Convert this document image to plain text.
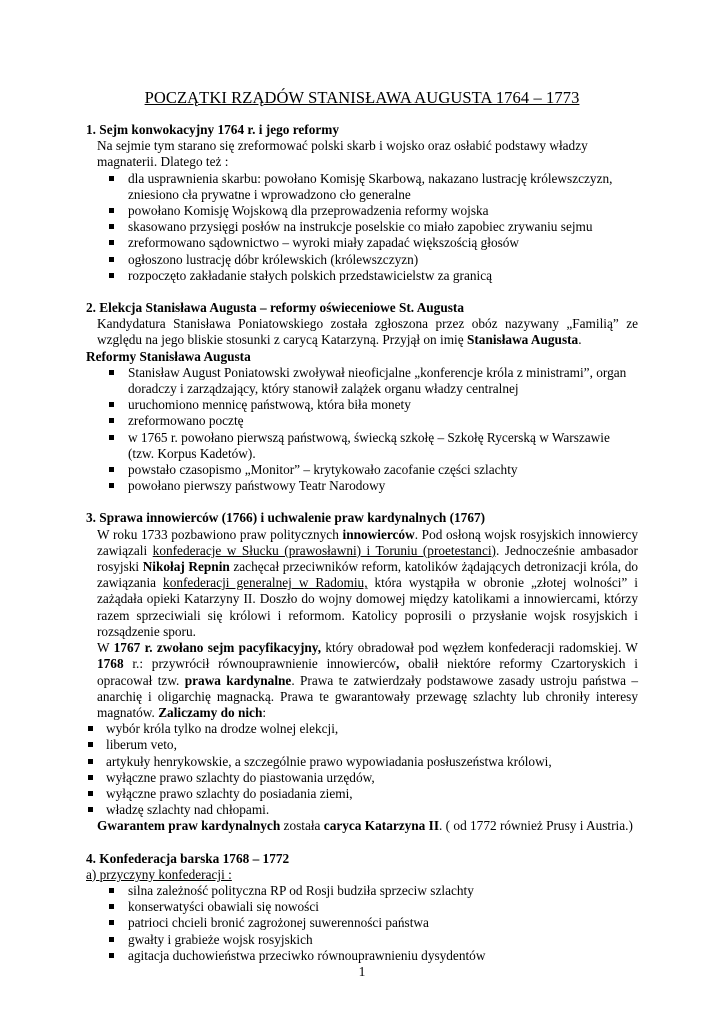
POCZĄTKI RZĄDÓW STANISŁAWA AUGUSTA 1764 – 1773
1. Sejm konwokacyjny 1764 r. i jego reformy
Na sejmie tym starano się zreformować polski skarb i wojsko oraz osłabić podstawy władzy magnaterii. Dlatego też :
dla usprawnienia skarbu: powołano Komisję Skarbową, nakazano lustrację królewszczyzn, zniesiono cła prywatne i wprowadzono cło generalne
powołano Komisję Wojskową dla przeprowadzenia reformy wojska
skasowano przysięgi posłów na instrukcje poselskie co miało zapobiec zrywaniu sejmu
zreformowano sądownictwo – wyroki miały zapadać większością głosów
ogłoszono lustrację dóbr królewskich (królewszczyzn)
rozpoczęto zakładanie stałych polskich przedstawicielstw za granicą
2. Elekcja Stanisława Augusta – reformy oświeceniowe St. Augusta
Kandydatura Stanisława Poniatowskiego została zgłoszona przez obóz nazywany „Familią” ze względu na jego bliskie stosunki z carycą Katarzyną. Przyjął on imię Stanisława Augusta.
Reformy Stanisława Augusta
Stanisław August Poniatowski zwoływał nieoficjalne „konferencje króla z ministrami”, organ doradczy i zarządzający, który stanowił zalążek organu władzy centralnej
uruchomiono mennicę państwową, która biła monety
zreformowano pocztę
w 1765 r. powołano pierwszą państwową, świecką szkołę – Szkołę Rycerską w Warszawie (tzw. Korpus Kadetów).
powstało czasopismo „Monitor” – krytykowało zacofanie części szlachty
powołano pierwszy państwowy Teatr Narodowy
3. Sprawa innowierców (1766) i uchwalenie praw kardynalnych (1767)
W roku 1733 pozbawiono praw politycznych innowierców. Pod osłoną wojsk rosyjskich innowiercy zawiązali konfederacje w Słucku (prawosławni) i Toruniu (proetestanci). Jednocześnie ambasador rosyjski Nikołaj Repnin zachęcał przeciwników reform, katolików żądających detronizacji króla, do zawiązania konfederacji generalnej w Radomiu, która wystąpiła w obronie „złotej wolności” i zażądała opieki Katarzyny II. Doszło do wojny domowej między katolikami a innowiercami, którzy razem sprzeciwiali się królowi i reformom. Katolicy poprosili o przysłanie wojsk rosyjskich i rozsądzenie sporu.
W 1767 r. zwołano sejm pacyfikacyjny, który obradował pod węzłem konfederacji radomskiej. W 1768 r.: przywrócił równouprawnienie innowierców, obalił niektóre reformy Czartoryskich i opracował tzw. prawa kardynalne. Prawa te zatwierdzały podstawowe zasady ustroju państwa – anarchię i oligarchię magnacką. Prawa te gwarantowały przewagę szlachty lub chroniły interesy magnatów. Zaliczamy do nich:
wybór króla tylko na drodze wolnej elekcji,
liberum veto,
artykuły henrykowskie, a szczególnie prawo wypowiadania posłuszeństwa królowi,
wyłączne prawo szlachty do piastowania urzędów,
wyłączne prawo szlachty do posiadania ziemi,
władzę szlachty nad chłopami.
Gwarantem praw kardynalnych została caryca Katarzyna II. ( od 1772 również Prusy i Austria.)
4. Konfederacja barska 1768 – 1772
a) przyczyny konfederacji :
silna zależność polityczna RP od Rosji budziła sprzeciw szlachty
konserwatyści obawiali się nowości
patrioci chcieli bronić zagrożonej suwerenności państwa
gwałty i grabieże wojsk rosyjskich
agitacja duchowieństwa przeciwko równouprawnieniu dysydentów
1
